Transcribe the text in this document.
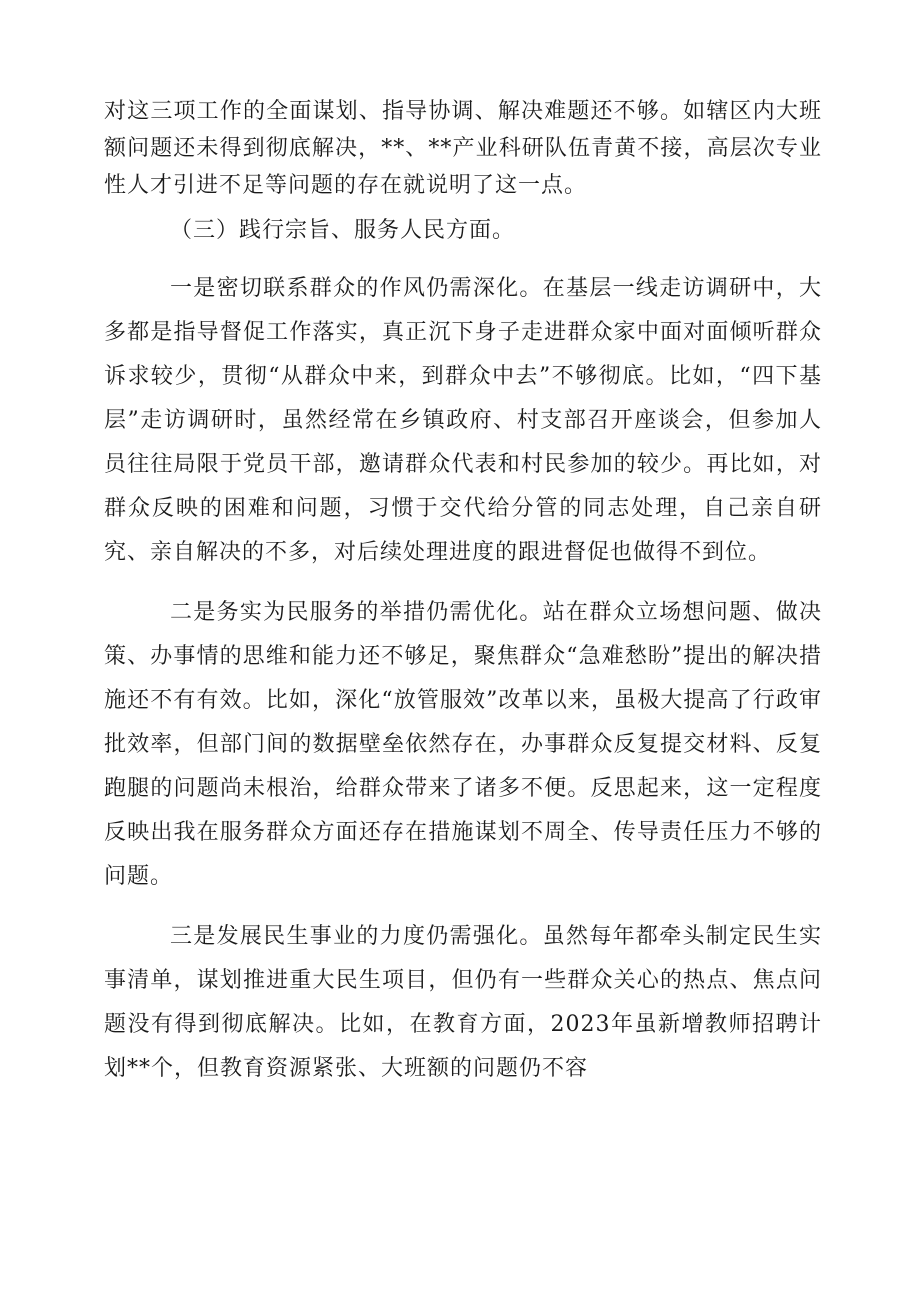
对这三项工作的全面谋划、指导协调、解决难题还不够。如辖区内大班额问题还未得到彻底解决，**、**产业科研队伍青黄不接，高层次专业性人才引进不足等问题的存在就说明了这一点。

（三）践行宗旨、服务人民方面。

一是密切联系群众的作风仍需深化。在基层一线走访调研中，大多都是指导督促工作落实，真正沉下身子走进群众家中面对面倾听群众诉求较少，贯彻“从群众中来，到群众中去”不够彻底。比如，“四下基层”走访调研时，虽然经常在乡镇政府、村支部召开座谈会，但参加人员往往局限于党员干部，邀请群众代表和村民参加的较少。再比如，对群众反映的困难和问题，习惯于交代给分管的同志处理，自己亲自研究、亲自解决的不多，对后续处理进度的跟进督促也做得不到位。

二是务实为民服务的举措仍需优化。站在群众立场想问题、做决策、办事情的思维和能力还不够足，聚焦群众“急难愁盼”提出的解决措施还不有有效。比如，深化“放管服效”改革以来，虽极大提高了行政审批效率，但部门间的数据壁垒依然存在，办事群众反复提交材料、反复跑腿的问题尚未根治，给群众带来了诸多不便。反思起来，这一定程度反映出我在服务群众方面还存在措施谋划不周全、传导责任压力不够的问题。

三是发展民生事业的力度仍需强化。虽然每年都牵头制定民生实事清单，谋划推进重大民生项目，但仍有一些群众关心的热点、焦点问题没有得到彻底解决。比如，在教育方面，2023年虽新增教师招聘计划**个，但教育资源紧张、大班额的问题仍不容
